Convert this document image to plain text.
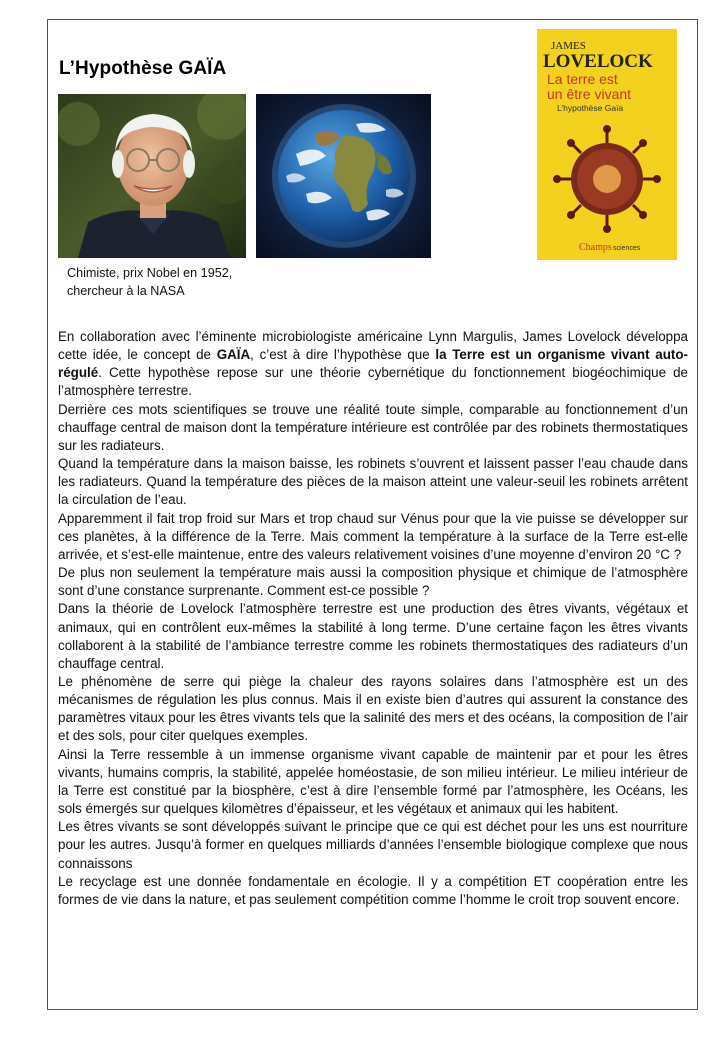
L’Hypothèse GAÏA
JAMES
LOVELOCK
La terre est
un être vivant
L’hypothèse Gaïa
Champs sciences
Chimiste, prix Nobel en 1952,
chercheur à la NASA

En collaboration avec l’éminente microbiologiste américaine Lynn Margulis, James Lovelock développa cette idée, le concept de GAÏA, c’est à dire l’hypothèse que la Terre est un organisme vivant auto-régulé. Cette hypothèse repose sur une théorie cybernétique du fonctionnement biogéochimique de l’atmosphère terrestre.

Derrière ces mots scientifiques se trouve une réalité toute simple, comparable au fonctionnement d’un chauffage central de maison dont la température intérieure est contrôlée par des robinets thermostatiques sur les radiateurs.

Quand la température dans la maison baisse, les robinets s’ouvrent et laissent passer l’eau chaude dans les radiateurs. Quand la température des pièces de la maison atteint une valeur-seuil les robinets arrêtent la circulation de l’eau.

Apparemment il fait trop froid sur Mars et trop chaud sur Vénus pour que la vie puisse se développer sur ces planètes, à la différence de la Terre. Mais comment la température à la surface de la Terre est-elle arrivée, et s’est-elle maintenue, entre des valeurs relativement voisines d’une moyenne d’environ 20 °C ?

De plus non seulement la température mais aussi la composition physique et chimique de l’atmosphère sont d’une constance surprenante. Comment est-ce possible ?

Dans la théorie de Lovelock l’atmosphère terrestre est une production des êtres vivants, végétaux et animaux, qui en contrôlent eux-mêmes la stabilité à long terme. D’une certaine façon les êtres vivants collaborent à la stabilité de l’ambiance terrestre comme les robinets thermostatiques des radiateurs d’un chauffage central.

Le phénomène de serre qui piège la chaleur des rayons solaires dans l’atmosphère est un des mécanismes de régulation les plus connus. Mais il en existe bien d’autres qui assurent la constance des paramètres vitaux pour les êtres vivants tels que la salinité des mers et des océans, la composition de l’air et des sols, pour citer quelques exemples.

Ainsi la Terre ressemble à un immense organisme vivant capable de maintenir par et pour les êtres vivants, humains compris, la stabilité, appelée homéostasie, de son milieu intérieur. Le milieu intérieur de la Terre est constitué par la biosphère, c’est à dire l’ensemble formé par l’atmosphère, les Océans, les sols émergés sur quelques kilomètres d’épaisseur, et les végétaux et animaux qui les habitent.

Les êtres vivants se sont développés suivant le principe que ce qui est déchet pour les uns est nourriture pour les autres. Jusqu’à former en quelques milliards d’années l’ensemble biologique complexe que nous connaissons

Le recyclage est une donnée fondamentale en écologie. Il y a compétition ET coopération entre les formes de vie dans la nature, et pas seulement compétition comme l’homme le croit trop souvent encore.
